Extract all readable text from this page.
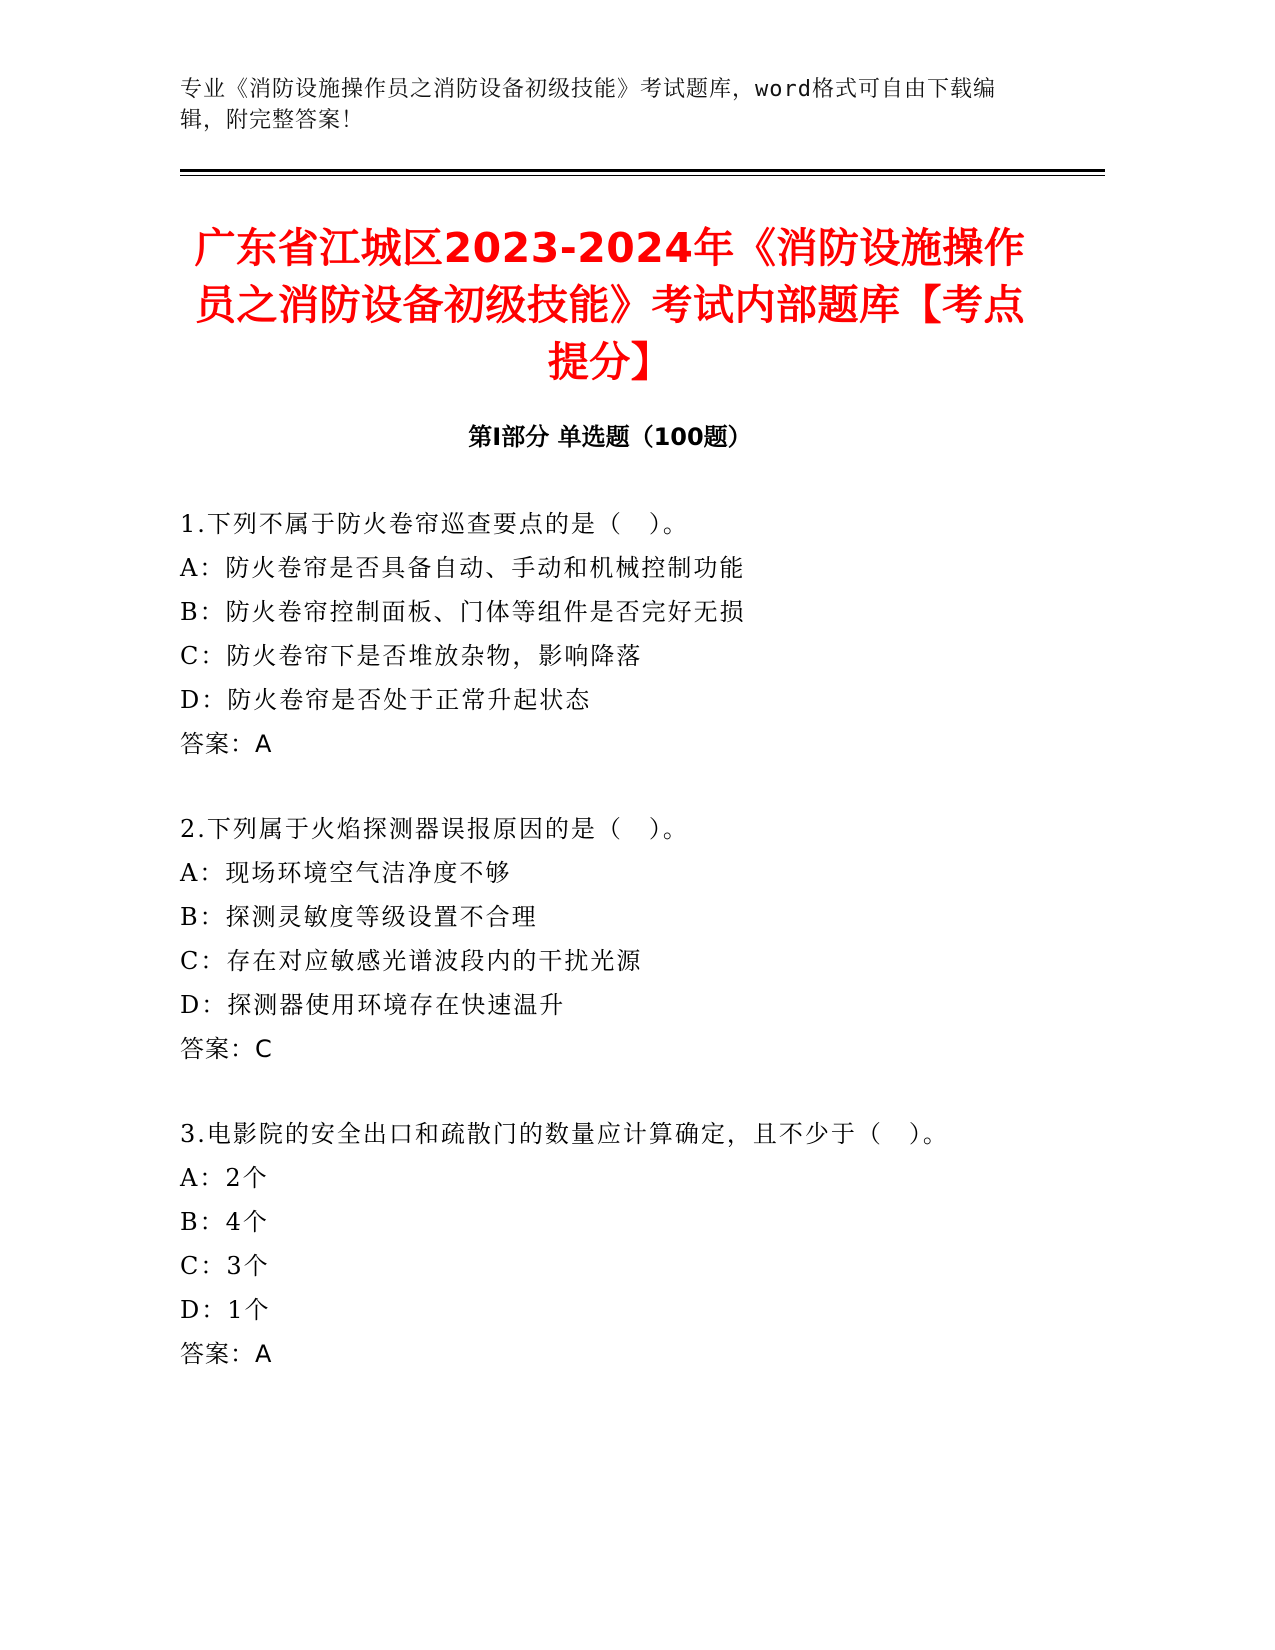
专业《消防设施操作员之消防设备初级技能》考试题库，word格式可自由下载编辑，附完整答案！
广东省江城区2023-2024年《消防设施操作员之消防设备初级技能》考试内部题库【考点提分】
第I部分 单选题（100题）
1.下列不属于防火卷帘巡查要点的是（　）。
A：防火卷帘是否具备自动、手动和机械控制功能
B：防火卷帘控制面板、门体等组件是否完好无损
C：防火卷帘下是否堆放杂物，影响降落
D：防火卷帘是否处于正常升起状态
答案：A
2.下列属于火焰探测器误报原因的是（　）。
A：现场环境空气洁净度不够
B：探测灵敏度等级设置不合理
C：存在对应敏感光谱波段内的干扰光源
D：探测器使用环境存在快速温升
答案：C
3.电影院的安全出口和疏散门的数量应计算确定，且不少于（　）。
A：2个
B：4个
C：3个
D：1个
答案：A
